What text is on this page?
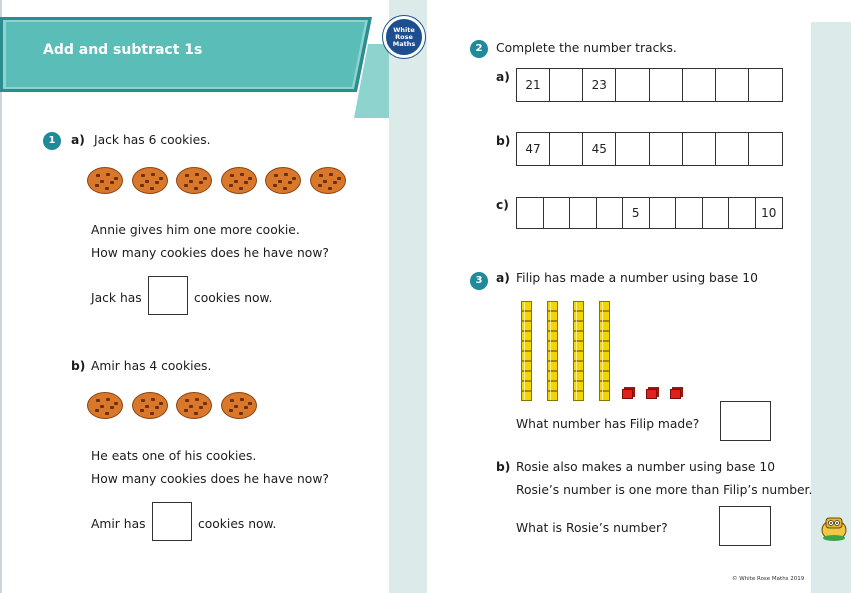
Add and subtract 1s
White
Rose
Maths
1	a) Jack has 6 cookies.
Annie gives him one more cookie.
How many cookies does he have now?
Jack has	cookies now.
b) Amir has 4 cookies.
He eats one of his cookies.
How many cookies does he have now?
Amir has	cookies now.
2	Complete the number tracks.
a)
21	23
b)
47	45
c)
5	10
3	a) Filip has made a number using base 10
What number has Filip made?
b) Rosie also makes a number using base 10
Rosie’s number is one more than Filip’s number.
What is Rosie’s number?
© White Rose Maths 2019
